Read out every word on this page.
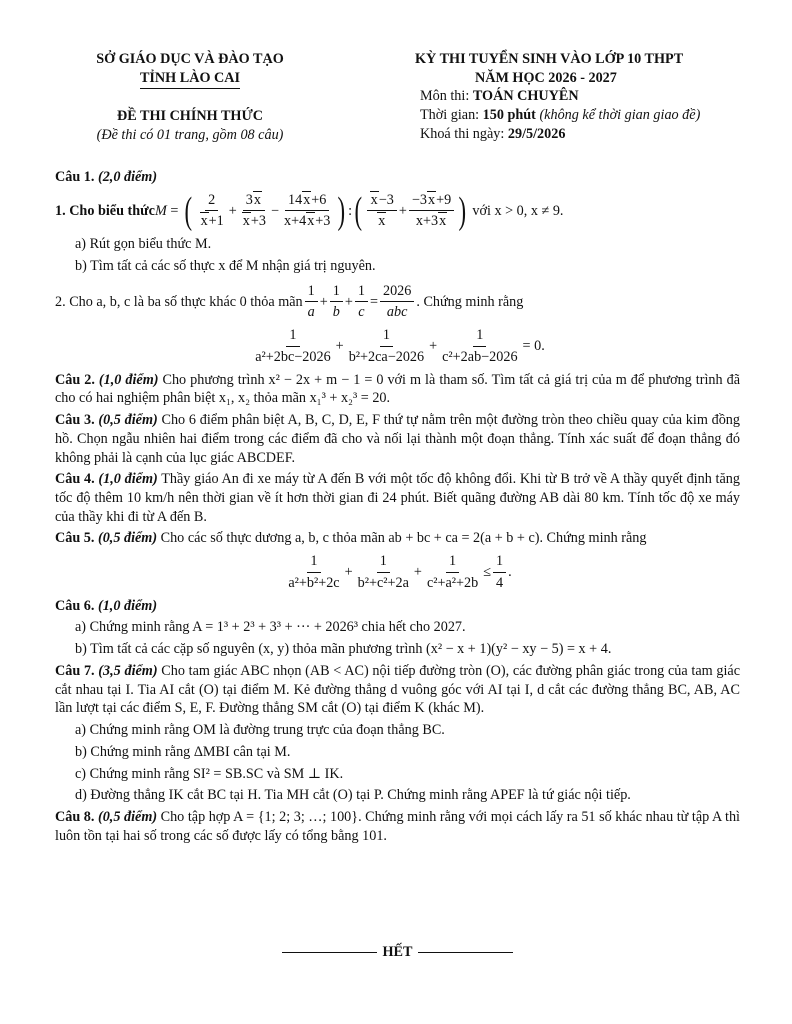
SỞ GIÁO DỤC VÀ ĐÀO TẠO
TỈNH LÀO CAI
ĐỀ THI CHÍNH THỨC
(Đề thi có 01 trang, gồm 08 câu)
KỲ THI TUYỂN SINH VÀO LỚP 10 THPT
NĂM HỌC 2026 - 2027
Môn thi: TOÁN CHUYÊN
Thời gian: 150 phút (không kể thời gian giao đề)
Khoá thi ngày: 29/5/2026
Câu 1. (2,0 điểm)
1. Cho biểu thức M = ( $\frac{2}{x+1} + \frac{3x}{x+3} - \frac{14x+6}{x+4x+3}$ ) : ( $\frac{x-3}{x} + \frac{-3x+9}{x+3x}$ )
với x > 0, x ≠ 9.
a) Rút gọn biểu thức M.
b) Tìm tất cả các số thực x để M nhận giá trị nguyên.
2. Cho a, b, c là ba số thực khác 0 thỏa mãn $\frac{1}{a} + \frac{1}{b} + \frac{1}{c} = \frac{2026}{\text{abc}}$ . Chứng minh rằng
$\frac{1}{\text{a²+2bc−2026}} + \frac{1}{\text{b²+2ca−2026}} + \frac{1}{\text{c²+2ab−2026}} = 0$.
Câu 2. (1,0 điểm) Cho phương trình x² − 2x + m − 1 = 0 với m là tham số. Tìm tất cả giá trị của m để phương trình đã cho có hai nghiệm phân biệt x₁, x₂ thỏa mãn x₁³ + x₂³ = 20.
Câu 3. (0,5 điểm) Cho 6 điểm phân biệt A, B, C, D, E, F thứ tự nằm trên một đường tròn theo chiều quay của kim đồng hồ. Chọn ngẫu nhiên hai điểm trong các điểm đã cho và nối lại thành một đoạn thẳng. Tính xác suất để đoạn thẳng đó không phải là cạnh của lục giác ABCDEF.
Câu 4. (1,0 điểm) Thầy giáo An đi xe máy từ A đến B với một tốc độ không đổi. Khi từ B trở về A thầy quyết định tăng tốc độ thêm 10 km/h nên thời gian về ít hơn thời gian đi 24 phút. Biết quãng đường AB dài 80 km. Tính tốc độ xe máy của thầy khi đi từ A đến B.
Câu 5. (0,5 điểm) Cho các số thực dương a, b, c thỏa mãn ab + bc + ca = 2(a + b + c). Chứng minh rằng
$\frac{1}{\text{a²+b²+2c}} + \frac{1}{\text{b²+c²+2a}} + \frac{1}{\text{c²+a²+2b}} \le \frac{1}{4}$ .
Câu 6. (1,0 điểm)
a) Chứng minh rằng A = 1³ + 2³ + 3³ + ··· + 2026³ chia hết cho 2027.
b) Tìm tất cả các cặp số nguyên (x, y) thỏa mãn phương trình (x² − x + 1)(y² − xy − 5) = x + 4.
Câu 7. (3,5 điểm) Cho tam giác ABC nhọn (AB < AC) nội tiếp đường tròn (O), các đường phân giác trong của tam giác cắt nhau tại I. Tia AI cắt (O) tại điểm M. Kẻ đường thẳng d vuông góc với AI tại I, d cắt các đường thẳng BC, AB, AC lần lượt tại các điểm S, E, F. Đường thẳng SM cắt (O) tại điểm K (khác M).
a) Chứng minh rằng OM là đường trung trực của đoạn thẳng BC.
b) Chứng minh rằng ΔMBI cân tại M.
c) Chứng minh rằng SI² = SB.SC và SM ⊥ IK.
d) Đường thẳng IK cắt BC tại H. Tia MH cắt (O) tại P. Chứng minh rằng APEF là tứ giác nội tiếp.
Câu 8. (0,5 điểm) Cho tập hợp A = {1; 2; 3; …; 100}. Chứng minh rằng với mọi cách lấy ra 51 số khác nhau từ tập A thì luôn tồn tại hai số trong các số được lấy có tổng bằng 101.
HẾT
